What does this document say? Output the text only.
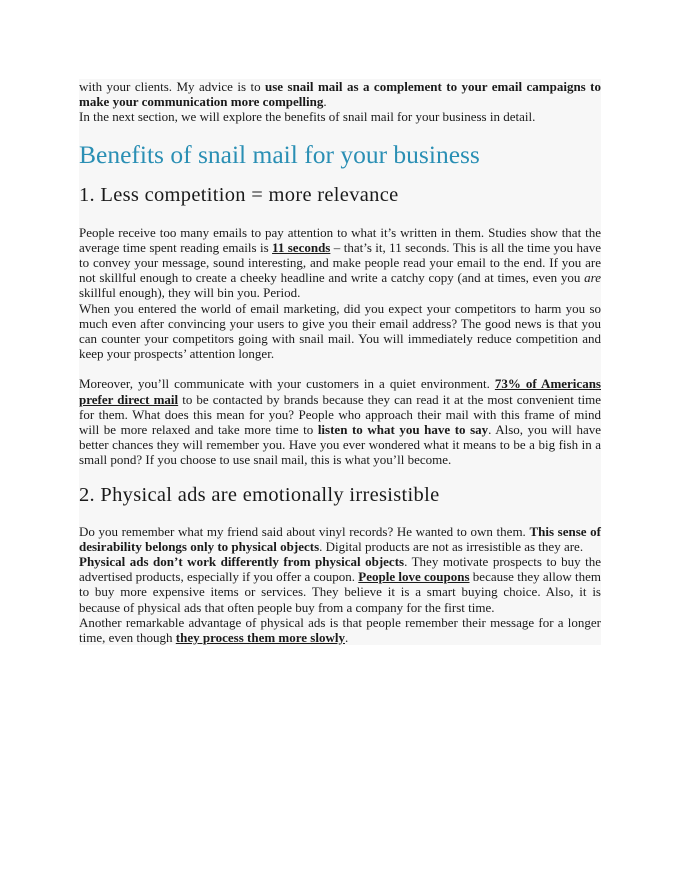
with your clients. My advice is to use snail mail as a complement to your email campaigns to make your communication more compelling.

In the next section, we will explore the benefits of snail mail for your business in detail.

Benefits of snail mail for your business
1. Less competition = more relevance

People receive too many emails to pay attention to what it’s written in them. Studies show that the average time spent reading emails is 11 seconds – that’s it, 11 seconds. This is all the time you have to convey your message, sound interesting, and make people read your email to the end. If you are not skillful enough to create a cheeky headline and write a catchy copy (and at times, even you are skillful enough), they will bin you. Period.

When you entered the world of email marketing, did you expect your competitors to harm you so much even after convincing your users to give you their email address? The good news is that you can counter your competitors going with snail mail. You will immediately reduce competition and keep your prospects’ attention longer.

Moreover, you’ll communicate with your customers in a quiet environment. 73% of Americans prefer direct mail to be contacted by brands because they can read it at the most convenient time for them. What does this mean for you? People who approach their mail with this frame of mind will be more relaxed and take more time to listen to what you have to say. Also, you will have better chances they will remember you. Have you ever wondered what it means to be a big fish in a small pond? If you choose to use snail mail, this is what you’ll become.

2. Physical ads are emotionally irresistible

Do you remember what my friend said about vinyl records? He wanted to own them. This sense of desirability belongs only to physical objects. Digital products are not as irresistible as they are.

Physical ads don’t work differently from physical objects. They motivate prospects to buy the advertised products, especially if you offer a coupon. People love coupons because they allow them to buy more expensive items or services. They believe it is a smart buying choice. Also, it is because of physical ads that often people buy from a company for the first time.

Another remarkable advantage of physical ads is that people remember their message for a longer time, even though they process them more slowly.
